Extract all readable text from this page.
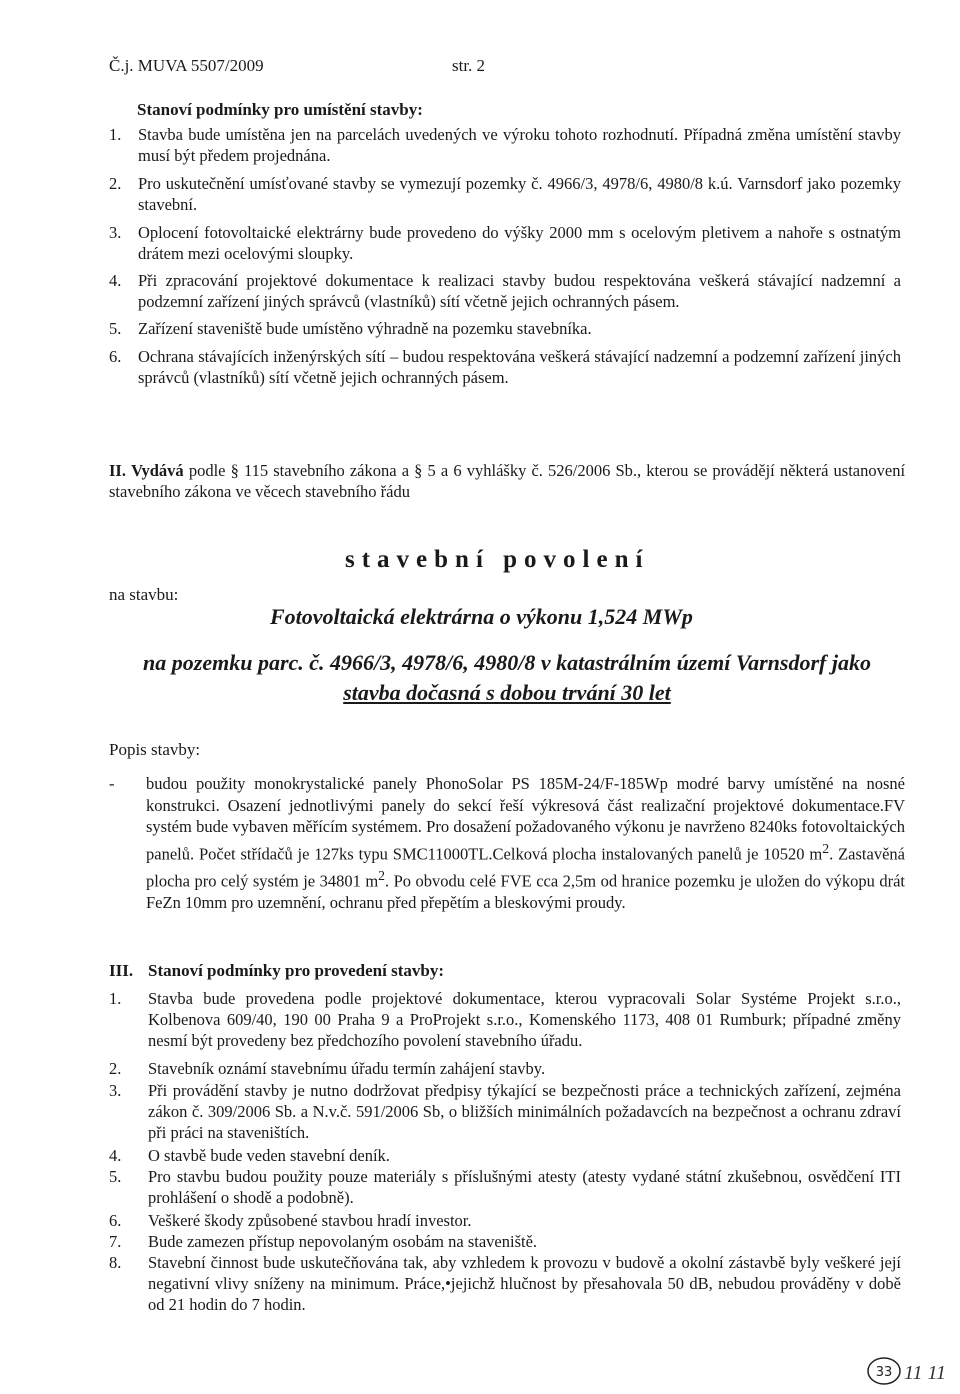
Č.j. MUVA 5507/2009	str. 2
Stanoví podmínky pro umístění stavby:
1. Stavba bude umístěna jen na parcelách uvedených ve výroku tohoto rozhodnutí. Případná změna umístění stavby musí být předem projednána.
2. Pro uskutečnění umísťované stavby se vymezují pozemky č. 4966/3, 4978/6, 4980/8 k.ú. Varnsdorf jako pozemky stavební.
3. Oplocení fotovoltaické elektrárny bude provedeno do výšky 2000 mm s ocelovým pletivem a nahoře s ostnatým drátem mezi ocelovými sloupky.
4. Při zpracování projektové dokumentace k realizaci stavby budou respektována veškerá stávající nadzemní a podzemní zařízení jiných správců (vlastníků) sítí včetně jejich ochranných pásem.
5. Zařízení staveniště bude umístěno výhradně na pozemku stavebníka.
6. Ochrana stávajících inženýrských sítí – budou respektována veškerá stávající nadzemní a podzemní zařízení jiných správců (vlastníků) sítí včetně jejich ochranných pásem.
II. Vydává podle § 115 stavebního zákona a § 5 a 6 vyhlášky č. 526/2006 Sb., kterou se provádějí některá ustanovení stavebního zákona ve věcech stavebního řádu
stavební povolení
na stavbu:
Fotovoltaická elektrárna o výkonu 1,524 MWp
na pozemku parc. č. 4966/3, 4978/6, 4980/8 v katastrálním území Varnsdorf jako
stavba dočasná s dobou trvání 30 let
Popis stavby:
- budou použity monokrystalické panely PhonoSolar PS 185M-24/F-185Wp modré barvy umístěné na nosné konstrukci. Osazení jednotlivými panely do sekcí řeší výkresová část realizační projektové dokumentace.FV systém bude vybaven měřícím systémem. Pro dosažení požadovaného výkonu je navrženo 8240ks fotovoltaických panelů. Počet střídačů je 127ks typu SMC11000TL.Celková plocha instalovaných panelů je 10520 $m^2$. Zastavěná plocha pro celý systém je 34801 $m^2$. Po obvodu celé FVE cca 2,5m od hranice pozemku je uložen do výkopu drát FeZn 10mm pro uzemnění, ochranu před přepětím a bleskovými proudy.
III. Stanoví podmínky pro provedení stavby:
1. Stavba bude provedena podle projektové dokumentace, kterou vypracovali Solar Systéme Projekt s.r.o., Kolbenova 609/40, 190 00 Praha 9 a ProProjekt s.r.o., Komenského 1173, 408 01 Rumburk; případné změny nesmí být provedeny bez předchozího povolení stavebního úřadu.
2. Stavebník oznámí stavebnímu úřadu termín zahájení stavby.
3. Při provádění stavby je nutno dodržovat předpisy týkající se bezpečnosti práce a technických zařízení, zejména zákon č. 309/2006 Sb. a N.v.č. 591/2006 Sb, o bližších minimálních požadavcích na bezpečnost a ochranu zdraví při práci na staveništích.
4. O stavbě bude veden stavební deník.
5. Pro stavbu budou použity pouze materiály s příslušnými atesty (atesty vydané státní zkušebnou, osvědčení ITI prohlášení o shodě a podobně).
6. Veškeré škody způsobené stavbou hradí investor.
7. Bude zamezen přístup nepovolaným osobám na staveniště.
8. Stavební činnost bude uskutečňována tak, aby vzhledem k provozu v budově a okolní zástavbě byly veškeré její negativní vlivy sníženy na minimum. Práce,•jejichž hlučnost by přesahovala 50 dB, nebudou prováděny v době od 21 hodin do 7 hodin.
33 11 11
